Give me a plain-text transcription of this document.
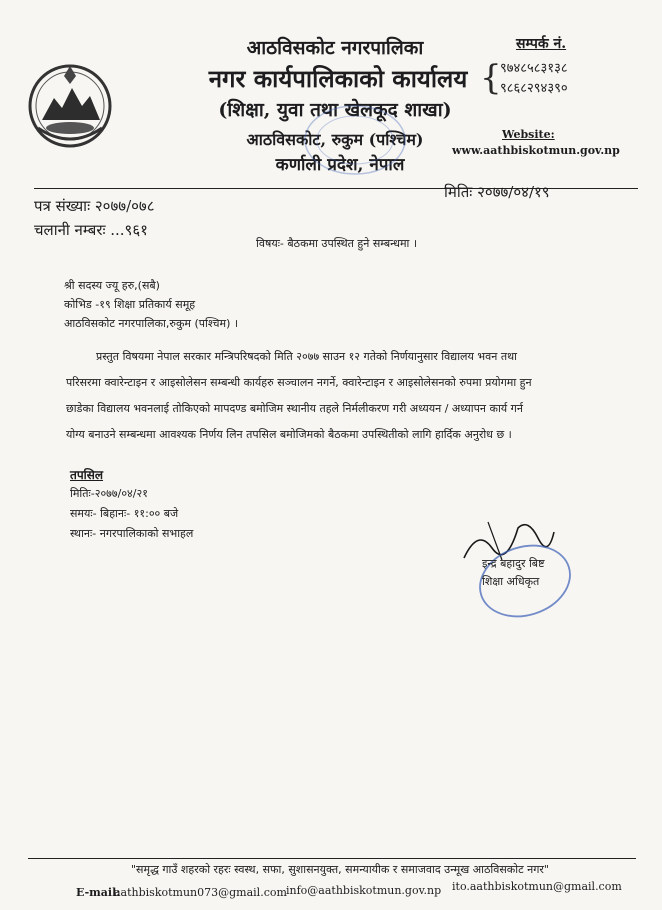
आठविसकोट नगरपालिका
नगर कार्यपालिकाको कार्यालय
(शिक्षा, युवा तथा खेलकूद शाखा)
आठविसकोट, रुकुम (पश्चिम)
कर्णाली प्रदेश, नेपाल
सम्पर्क नं.
{
९७४८५८३१३८
९८६८२९४३९०
Website:
www.aathbiskotmun.gov.np
पत्र संख्याः २०७७/०७८
मितिः २०७७/०४/१९
चलानी नम्बरः ...९६१
विषयः- बैठकमा उपस्थित हुने सम्बन्धमा ।
श्री सदस्य ज्यू हरु,(सबै)
कोभिड -१९ शिक्षा प्रतिकार्य समूह
आठविसकोट नगरपालिका,रुकुम (पश्चिम) ।
प्रस्तुत विषयमा नेपाल सरकार मन्त्रिपरिषदको मिति २०७७ साउन १२ गतेको निर्णयानुसार विद्यालय भवन तथा
परिसरमा क्वारेन्टाइन र आइसोलेसन सम्बन्धी कार्यहरु सञ्चालन नगर्ने, क्वारेन्टाइन र आइसोलेसनको रुपमा प्रयोगमा हुन
छाडेका विद्यालय भवनलाई तोकिएको मापदण्ड बमोजिम स्थानीय तहले निर्मलीकरण गरी अध्ययन / अध्यापन कार्य गर्न
योग्य बनाउने सम्बन्धमा आवश्यक निर्णय लिन तपसिल बमोजिमको बैठकमा उपस्थितीको लागि हार्दिक अनुरोध छ ।
तपसिल
मितिः-२०७७/०४/२१
समयः- बिहानः- ११:०० बजे
स्थानः- नगरपालिकाको सभाहल
इन्द्र बहादुर बिष्ट
शिक्षा अधिकृत
"समृद्ध गाउँ शहरको रहरः स्वस्थ, सफा, सुशासनयुक्त, समन्यायीक र समाजवाद उन्मूख आठविसकोट नगर"
E-mail:
aathbiskotmun073@gmail.com info@aathbiskotmun.gov.np ito.aathbiskotmun@gmail.com
